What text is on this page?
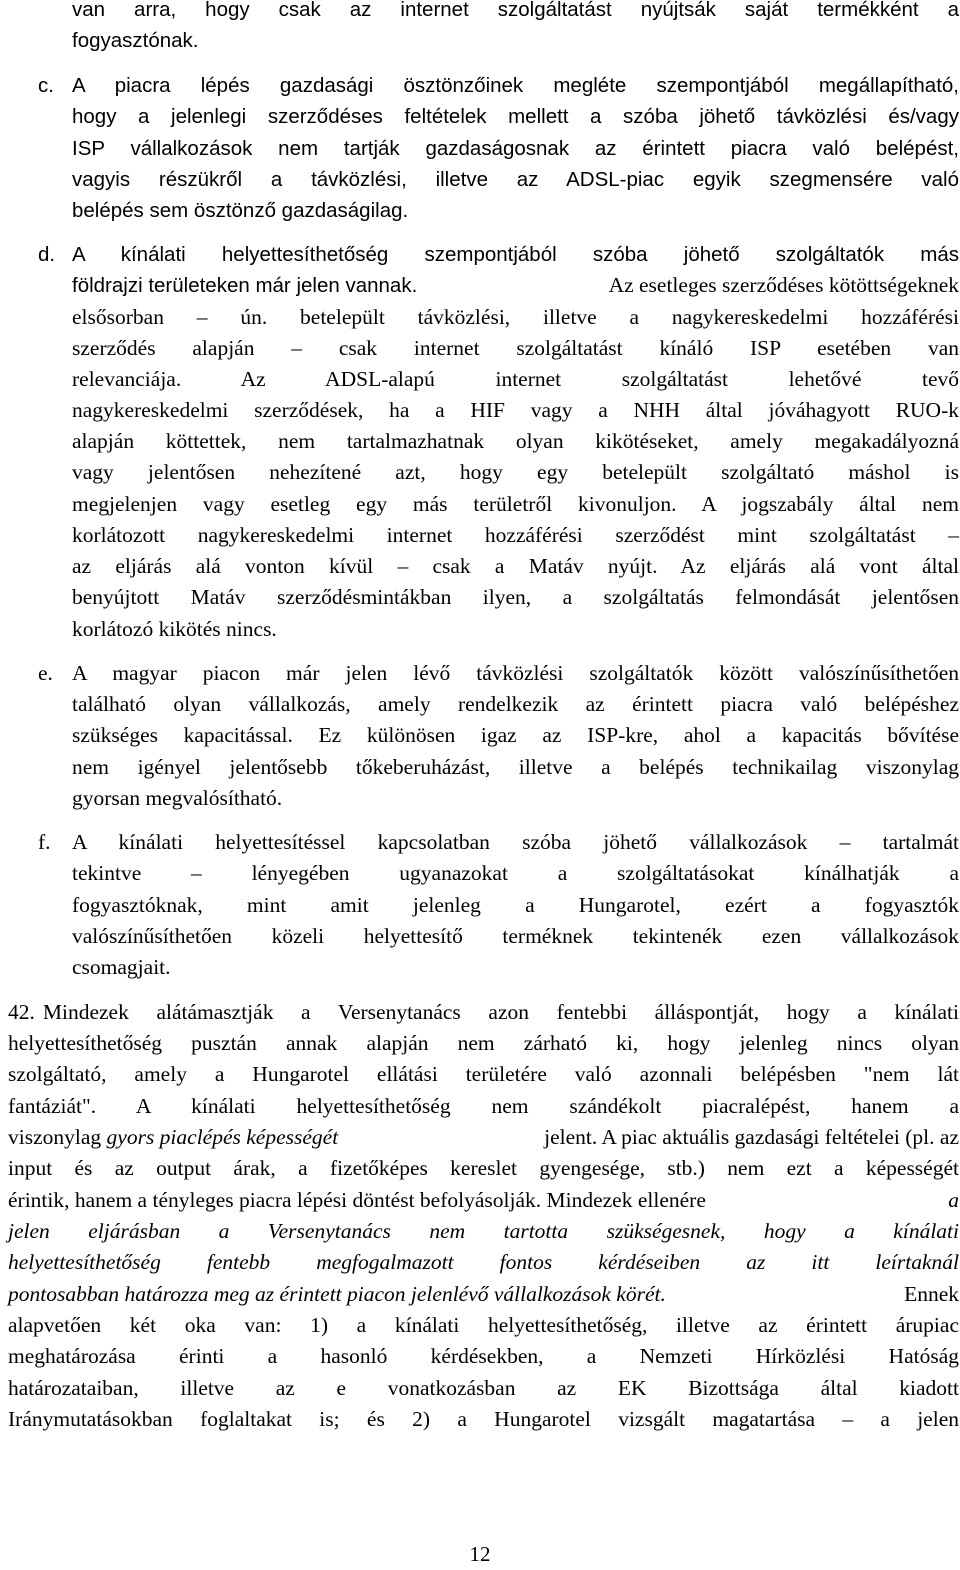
van arra, hogy csak az internet szolgáltatást nyújtsák saját termékként a
fogyasztónak.
c. A piacra lépés gazdasági ösztönzőinek megléte szempontjából megállapítható,
hogy a jelenlegi szerződéses feltételek mellett a szóba jöhető távközlési és/vagy
ISP vállalkozások nem tartják gazdaságosnak az érintett piacra való belépést,
vagyis részükről a távközlési, illetve az ADSL-piac egyik szegmensére való
belépés sem ösztönző gazdaságilag.
d. A kínálati helyettesíthetőség szempontjából szóba jöhető szolgáltatók más
földrajzi területeken már jelen vannak.	Az esetleges szerződéses kötöttségeknek
elsősorban – ún. betelepült távközlési, illetve a nagykereskedelmi hozzáférési
szerződés alapján – csak internet szolgáltatást kínáló ISP esetében van
relevanciája. Az ADSL-alapú internet szolgáltatást lehetővé tevő
nagykereskedelmi szerződések, ha a HIF vagy a NHH által jóváhagyott RUO-k
alapján köttettek, nem tartalmazhatnak olyan kikötéseket, amely megakadályozná
vagy jelentősen nehezítené azt, hogy egy betelepült szolgáltató máshol is
megjelenjen vagy esetleg egy más területről kivonuljon. A jogszabály által nem
korlátozott nagykereskedelmi internet hozzáférési szerződést mint szolgáltatást –
az eljárás alá vonton kívül – csak a Matáv nyújt. Az eljárás alá vont által
benyújtott Matáv szerződésmintákban ilyen, a szolgáltatás felmondását jelentősen
korlátozó kikötés nincs.
e. A magyar piacon már jelen lévő távközlési szolgáltatók között valószínűsíthetően
található olyan vállalkozás, amely rendelkezik az érintett piacra való belépéshez
szükséges kapacitással. Ez különösen igaz az ISP-kre, ahol a kapacitás bővítése
nem igényel jelentősebb tőkeberuházást, illetve a belépés technikailag viszonylag
gyorsan megvalósítható.
f. A kínálati helyettesítéssel kapcsolatban szóba jöhető vállalkozások – tartalmát
tekintve – lényegében ugyanazokat a szolgáltatásokat kínálhatják a
fogyasztóknak, mint amit jelenleg a Hungarotel, ezért a fogyasztók
valószínűsíthetően közeli helyettesítő terméknek tekintenék ezen vállalkozások
csomagjait.
42. Mindezek alátámasztják a Versenytanács azon fentebbi álláspontját, hogy a kínálati
helyettesíthetőség pusztán annak alapján nem zárható ki, hogy jelenleg nincs olyan
szolgáltató, amely a Hungarotel ellátási területére való azonnali belépésben "nem lát
fantáziát". A kínálati helyettesíthetőség nem szándékolt piacralépést, hanem a
viszonylag gyors piaclépés képességét	jelent. A piac aktuális gazdasági feltételei (pl. az
input és az output árak, a fizetőképes kereslet gyengesége, stb.) nem ezt a képességét
érintik, hanem a tényleges piacra lépési döntést befolyásolják. Mindezek ellenére	a
jelen eljárásban a Versenytanács nem tartotta szükségesnek, hogy a kínálati
helyettesíthetőség fentebb megfogalmazott fontos kérdéseiben az itt leírtaknál
pontosabban határozza meg az érintett piacon jelenlévő vállalkozások körét.	Ennek
alapvetően két oka van: 1) a kínálati helyettesíthetőség, illetve az érintett árupiac
meghatározása érinti a hasonló kérdésekben, a Nemzeti Hírközlési Hatóság
határozataiban, illetve az e vonatkozásban az EK Bizottsága által kiadott
Iránymutatásokban foglaltakat is; és 2) a Hungarotel vizsgált magatartása – a jelen
12
